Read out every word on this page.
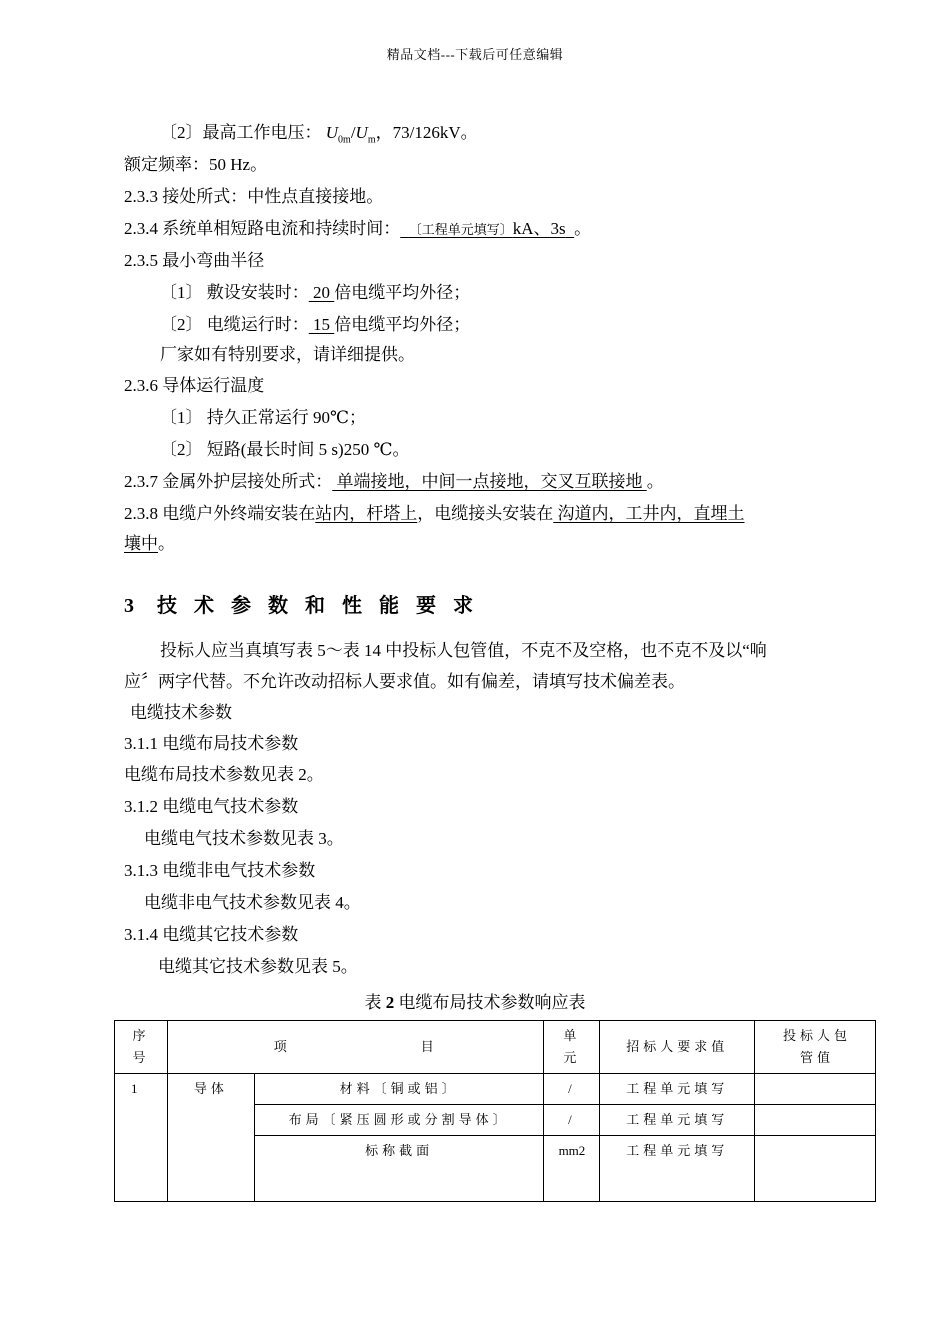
精品文档---下载后可任意编辑
〔2〕最高工作电压： $U_{0m}/U_m$，73/126kV。
额定频率：50 Hz。
2.3.3 接处所式：中性点直接接地。
2.3.4 系统单相短路电流和持续时间： 〔工程单元填写〕kA、3s 。
2.3.5 最小弯曲半径
〔1〕 敷设安装时： 20 倍电缆平均外径；
〔2〕 电缆运行时： 15 倍电缆平均外径；
厂家如有特别要求，请详细提供。
2.3.6 导体运行温度
〔1〕 持久正常运行 90℃；
〔2〕 短路(最长时间 5 s)250 ℃。
2.3.7 金属外护层接处所式： 单端接地，中间一点接地，交叉互联接地 。
2.3.8 电缆户外终端安装在站内，杆塔上，电缆接头安装在 沟道内，工井内，直埋土
壤中。
3 技术参数和性能要求
投标人应当真填写表 5～表 14 中投标人包管值，不克不及空格，也不克不及以“响
应〞两字代替。不允许改动招标人要求值。如有偏差，请填写技术偏差表。
电缆技术参数
3.1.1 电缆布局技术参数
电缆布局技术参数见表 2。
3.1.2 电缆电气技术参数
电缆电气技术参数见表 3。
3.1.3 电缆非电气技术参数
电缆非电气技术参数见表 4。
3.1.4 电缆其它技术参数
电缆其它技术参数见表 5。
表 2 电缆布局技术参数响应表
序号	项 目		单元	招标人要求值	投标人包管值
1	导体	材料〔铜或铝〕	/	工程单元填写	
		布局〔紧压圆形或分割导体〕	/	工程单元填写	
		标称截面	mm2	工程单元填写	
